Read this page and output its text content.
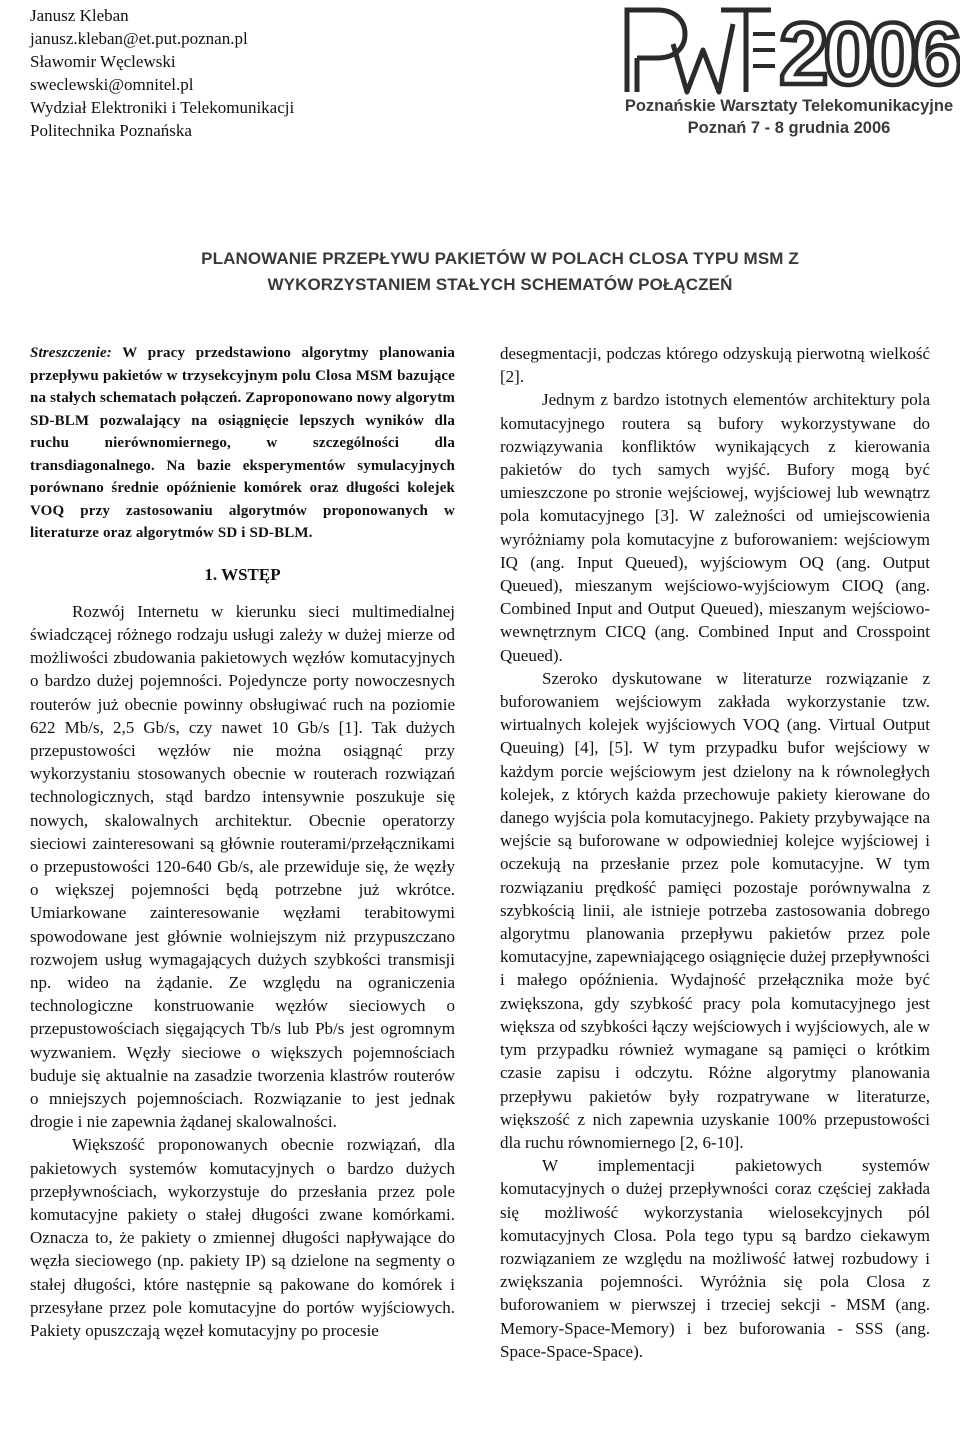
Janusz Kleban
janusz.kleban@et.put.poznan.pl
Sławomir Węclewski
sweclewski@omnitel.pl
Wydział Elektroniki i Telekomunikacji
Politechnika Poznańska
2006
Poznańskie Warsztaty Telekomunikacyjne
Poznań 7 - 8 grudnia 2006
PLANOWANIE PRZEPŁYWU PAKIETÓW W POLACH CLOSA TYPU MSM Z
WYKORZYSTANIEM STAŁYCH SCHEMATÓW POŁĄCZEŃ

Streszczenie: W pracy przedstawiono algorytmy planowania przepływu pakietów w trzysekcyjnym polu Closa MSM bazujące na stałych schematach połączeń. Zaproponowano nowy algorytm SD-BLM pozwalający na osiągnięcie lepszych wyników dla ruchu nierównomiernego, w szczególności dla transdiagonalnego. Na bazie eksperymentów symulacyjnych porównano średnie opóźnienie komórek oraz długości kolejek VOQ przy zastosowaniu algorytmów proponowanych w literaturze oraz algorytmów SD i SD-BLM.

1. WSTĘP

Rozwój Internetu w kierunku sieci multimedialnej świadczącej różnego rodzaju usługi zależy w dużej mierze od możliwości zbudowania pakietowych węzłów komutacyjnych o bardzo dużej pojemności. Pojedyncze porty nowoczesnych routerów już obecnie powinny obsługiwać ruch na poziomie 622 Mb/s, 2,5 Gb/s, czy nawet 10 Gb/s [1]. Tak dużych przepustowości węzłów nie można osiągnąć przy wykorzystaniu stosowanych obecnie w routerach rozwiązań technologicznych, stąd bardzo intensywnie poszukuje się nowych, skalowalnych architektur. Obecnie operatorzy sieciowi zainteresowani są głównie routerami/przełącznikami o przepustowości 120-640 Gb/s, ale przewiduje się, że węzły o większej pojemności będą potrzebne już wkrótce. Umiarkowane zainteresowanie węzłami terabitowymi spowodowane jest głównie wolniejszym niż przypuszczano rozwojem usług wymagających dużych szybkości transmisji np. wideo na żądanie. Ze względu na ograniczenia technologiczne konstruowanie węzłów sieciowych o przepustowościach sięgających Tb/s lub Pb/s jest ogromnym wyzwaniem. Węzły sieciowe o większych pojemnościach buduje się aktualnie na zasadzie tworzenia klastrów routerów o mniejszych pojemnościach. Rozwiązanie to jest jednak drogie i nie zapewnia żądanej skalowalności.

Większość proponowanych obecnie rozwiązań, dla pakietowych systemów komutacyjnych o bardzo dużych przepływnościach, wykorzystuje do przesłania przez pole komutacyjne pakiety o stałej długości zwane komórkami. Oznacza to, że pakiety o zmiennej długości napływające do węzła sieciowego (np. pakiety IP) są dzielone na segmenty o stałej długości, które następnie są pakowane do komórek i przesyłane przez pole komutacyjne do portów wyjściowych. Pakiety opuszczają węzeł komutacyjny po procesie

desegmentacji, podczas którego odzyskują pierwotną wielkość [2].

Jednym z bardzo istotnych elementów architektury pola komutacyjnego routera są bufory wykorzystywane do rozwiązywania konfliktów wynikających z kierowania pakietów do tych samych wyjść. Bufory mogą być umieszczone po stronie wejściowej, wyjściowej lub wewnątrz pola komutacyjnego [3]. W zależności od umiejscowienia wyróżniamy pola komutacyjne z buforowaniem: wejściowym IQ (ang. Input Queued), wyjściowym OQ (ang. Output Queued), mieszanym wejściowo-wyjściowym CIOQ (ang. Combined Input and Output Queued), mieszanym wejściowo-wewnętrznym CICQ (ang. Combined Input and Crosspoint Queued).

Szeroko dyskutowane w literaturze rozwiązanie z buforowaniem wejściowym zakłada wykorzystanie tzw. wirtualnych kolejek wyjściowych VOQ (ang. Virtual Output Queuing) [4], [5]. W tym przypadku bufor wejściowy w każdym porcie wejściowym jest dzielony na k równoległych kolejek, z których każda przechowuje pakiety kierowane do danego wyjścia pola komutacyjnego. Pakiety przybywające na wejście są buforowane w odpowiedniej kolejce wyjściowej i oczekują na przesłanie przez pole komutacyjne. W tym rozwiązaniu prędkość pamięci pozostaje porównywalna z szybkością linii, ale istnieje potrzeba zastosowania dobrego algorytmu planowania przepływu pakietów przez pole komutacyjne, zapewniającego osiągnięcie dużej przepływności i małego opóźnienia. Wydajność przełącznika może być zwiększona, gdy szybkość pracy pola komutacyjnego jest większa od szybkości łączy wejściowych i wyjściowych, ale w tym przypadku również wymagane są pamięci o krótkim czasie zapisu i odczytu. Różne algorytmy planowania przepływu pakietów były rozpatrywane w literaturze, większość z nich zapewnia uzyskanie 100% przepustowości dla ruchu równomiernego [2, 6-10].

W implementacji pakietowych systemów komutacyjnych o dużej przepływności coraz częściej zakłada się możliwość wykorzystania wielosekcyjnych pól komutacyjnych Closa. Pola tego typu są bardzo ciekawym rozwiązaniem ze względu na możliwość łatwej rozbudowy i zwiększania pojemności. Wyróżnia się pola Closa z buforowaniem w pierwszej i trzeciej sekcji - MSM (ang. Memory-Space-Memory) i bez buforowania - SSS (ang. Space-Space-Space).
